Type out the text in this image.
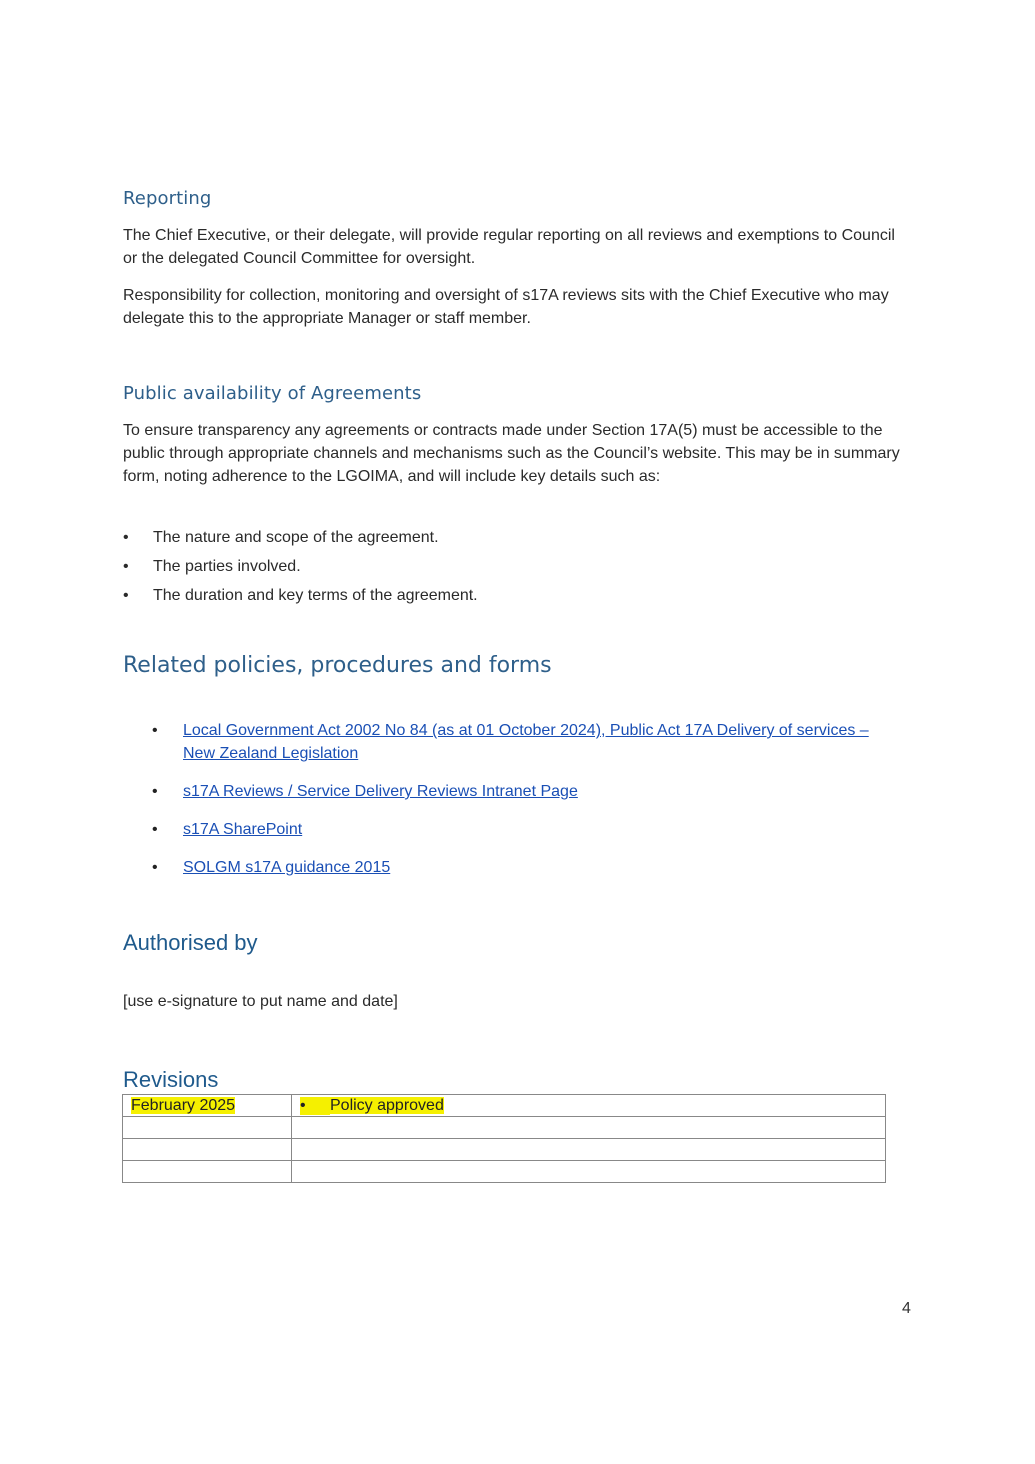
Reporting

The Chief Executive, or their delegate, will provide regular reporting on all reviews and exemptions to Council or the delegated Council Committee for oversight.

Responsibility for collection, monitoring and oversight of s17A reviews sits with the Chief Executive who may delegate this to the appropriate Manager or staff member.

Public availability of Agreements

To ensure transparency any agreements or contracts made under Section 17A(5) must be accessible to the public through appropriate channels and mechanisms such as the Council’s website. This may be in summary form, noting adherence to the LGOIMA, and will include key details such as:

• The nature and scope of the agreement.
• The parties involved.
• The duration and key terms of the agreement.
Related policies, procedures and forms
• Local Government Act 2002 No 84 (as at 01 October 2024), Public Act 17A Delivery of services – New Zealand Legislation
• s17A Reviews / Service Delivery Reviews Intranet Page
• s17A SharePoint
• SOLGM s17A guidance 2015
Authorised by

[use e-signature to put name and date]

Revisions
February 2025	• Policy approved

4
